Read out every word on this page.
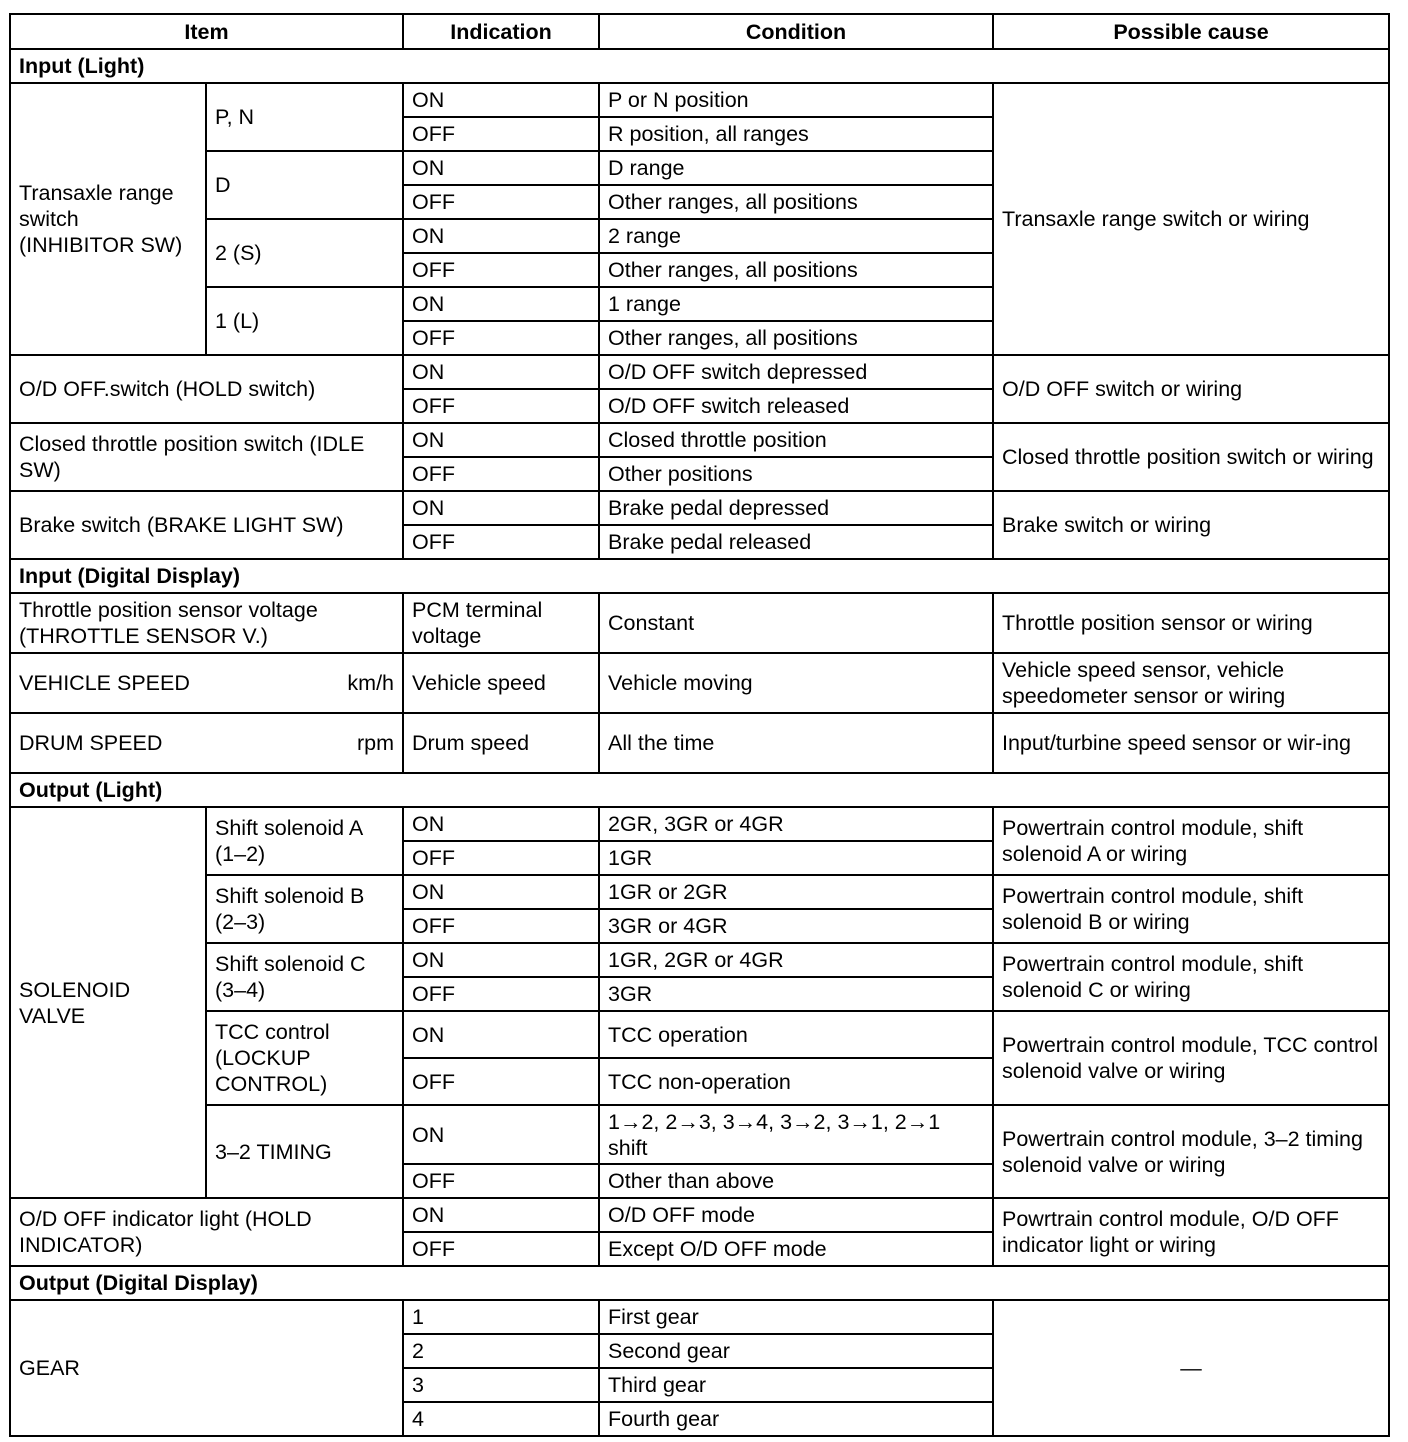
Item		Indication	Condition	Possible cause
Input (Light)				
Transaxle range switch (INHIBITOR SW)	P, N	ON	P or N position	Transaxle range switch or wiring
		OFF	R position, all ranges	
	D	ON	D range	
		OFF	Other ranges, all positions	
	2 (S)	ON	2 range	
		OFF	Other ranges, all positions	
	1 (L)	ON	1 range	
		OFF	Other ranges, all positions	
O/D OFF.switch (HOLD switch)		ON	O/D OFF switch depressed	O/D OFF switch or wiring
		OFF	O/D OFF switch released	
Closed throttle position switch (IDLE SW)		ON	Closed throttle position	Closed throttle position switch or wiring
		OFF	Other positions	
Brake switch (BRAKE LIGHT SW)		ON	Brake pedal depressed	Brake switch or wiring
		OFF	Brake pedal released	
Input (Digital Display)				
Throttle position sensor voltage (THROTTLE SENSOR V.)		PCM terminal voltage	Constant	Throttle position sensor or wiring

VEHICLE SPEED km/h		Vehicle speed	Vehicle moving	Vehicle speed sensor, vehicle speedometer sensor or wiring

DRUM SPEED rpm		Drum speed	All the time	Input/turbine speed sensor or wir-ing
Output (Light)				
SOLENOID VALVE	Shift solenoid A (1–2)	ON	2GR, 3GR or 4GR	Powertrain control module, shift solenoid A or wiring
		OFF	1GR	
	Shift solenoid B (2–3)	ON	1GR or 2GR	Powertrain control module, shift solenoid B or wiring
		OFF	3GR or 4GR	
	Shift solenoid C (3–4)	ON	1GR, 2GR or 4GR	Powertrain control module, shift solenoid C or wiring
		OFF	3GR	
	TCC control (LOCKUP CONTROL)	ON	TCC operation	Powertrain control module, TCC control solenoid valve or wiring
		OFF	TCC non-operation	
	3–2 TIMING	ON	1→2, 2→3, 3→4, 3→2, 3→1, 2→1 shift	Powertrain control module, 3–2 timing solenoid valve or wiring
		OFF	Other than above	
O/D OFF indicator light (HOLD INDICATOR)		ON	O/D OFF mode	Powrtrain control module, O/D OFF indicator light or wiring
		OFF	Except O/D OFF mode	
Output (Digital Display)				
GEAR		1	First gear	—
		2	Second gear	
		3	Third gear	
		4	Fourth gear	
